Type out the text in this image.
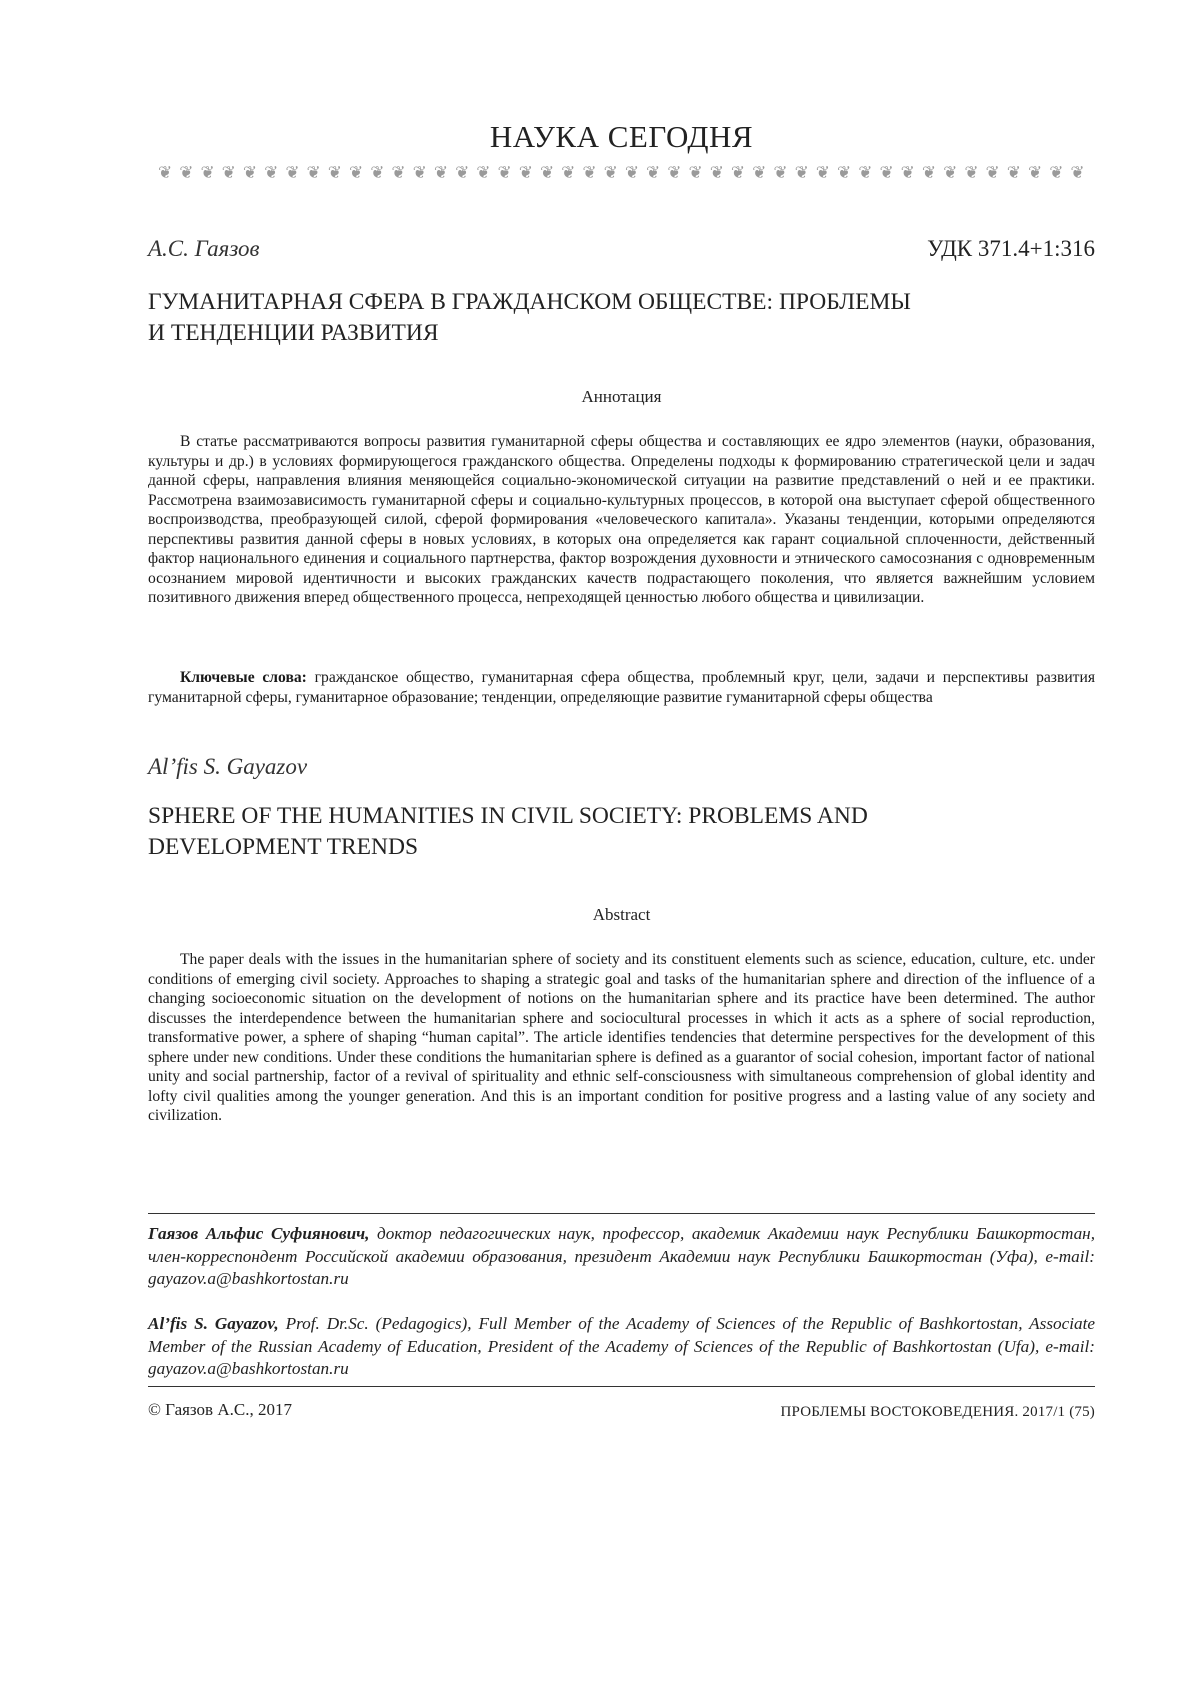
НАУКА СЕГОДНЯ
❦ ❦ ❦ ❦ ❦ ❦ ❦ ❦ ❦ ❦ ❦ ❦ ❦ ❦ ❦ ❦ ❦ ❦ ❦ ❦ ❦ ❦ ❦ ❦ ❦ ❦ ❦ ❦ ❦ ❦ ❦ ❦ ❦ ❦ ❦ ❦ ❦ ❦ ❦ ❦ ❦ ❦ ❦ ❦
А.С. Гаязов	УДК 371.4+1:316
ГУМАНИТАРНАЯ СФЕРА В ГРАЖДАНСКОМ ОБЩЕСТВЕ: ПРОБЛЕМЫ
И ТЕНДЕНЦИИ РАЗВИТИЯ
Аннотация
В статье рассматриваются вопросы развития гуманитарной сферы общества и составляющих ее ядро элементов (науки, образования, культуры и др.) в условиях формирующегося гражданского общества. Определены подходы к формированию стратегической цели и задач данной сферы, направления влияния меняющейся социально-экономической ситуации на развитие представлений о ней и ее практики. Рассмотрена взаимозависимость гуманитарной сферы и социально-культурных процессов, в которой она выступает сферой общественного воспроизводства, преобразующей силой, сферой формирования «человеческого капитала». Указаны тенденции, которыми определяются перспективы развития данной сферы в новых условиях, в которых она определяется как гарант социальной сплоченности, действенный фактор национального единения и социального партнерства, фактор возрождения духовности и этнического самосознания с одновременным осознанием мировой идентичности и высоких гражданских качеств подрастающего поколения, что является важнейшим условием позитивного движения вперед общественного процесса, непреходящей ценностью любого общества и цивилизации.
Ключевые слова: гражданское общество, гуманитарная сфера общества, проблемный круг, цели, задачи и перспективы развития гуманитарной сферы, гуманитарное образование; тенденции, определяющие развитие гуманитарной сферы общества
Al’fis S. Gayazov
SPHERE OF THE HUMANITIES IN CIVIL SOCIETY: PROBLEMS AND
DEVELOPMENT TRENDS
Abstract
The paper deals with the issues in the humanitarian sphere of society and its constituent elements such as science, education, culture, etc. under conditions of emerging civil society. Approaches to shaping a strategic goal and tasks of the humanitarian sphere and direction of the influence of a changing socioeconomic situation on the development of notions on the humanitarian sphere and its practice have been determined. The author discusses the interdependence between the humanitarian sphere and sociocultural processes in which it acts as a sphere of social reproduction, transformative power, a sphere of shaping “human capital”. The article identifies tendencies that determine perspectives for the development of this sphere under new conditions. Under these conditions the humanitarian sphere is defined as a guarantor of social cohesion, important factor of national unity and social partnership, factor of a revival of spirituality and ethnic self-consciousness with simultaneous comprehension of global identity and lofty civil qualities among the younger generation. And this is an important condition for positive progress and a lasting value of any society and civilization.
Гаязов Альфис Суфиянович, доктор педагогических наук, профессор, академик Академии наук Республики Башкортостан, член-корреспондент Российской академии образования, президент Академии наук Республики Башкортостан (Уфа), e-mail: gayazov.a@bashkortostan.ru
Al’fis S. Gayazov, Prof. Dr.Sc. (Pedagogics), Full Member of the Academy of Sciences of the Republic of Bashkortostan, Associate Member of the Russian Academy of Education, President of the Academy of Sciences of the Republic of Bashkortostan (Ufa), e-mail: gayazov.a@bashkortostan.ru
© Гаязов А.С., 2017	ПРОБЛЕМЫ ВОСТОКОВЕДЕНИЯ. 2017/1 (75)
